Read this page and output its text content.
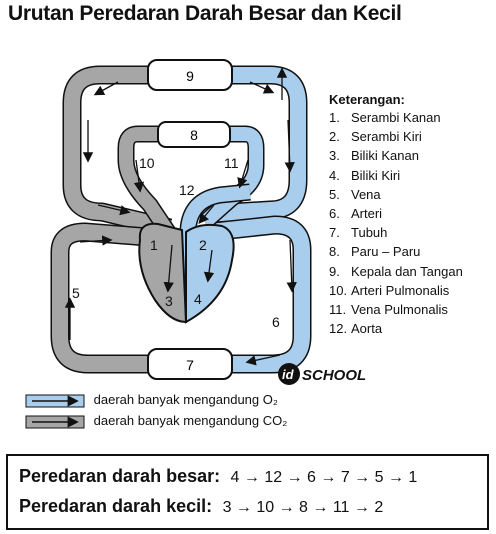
Urutan Peredaran Darah Besar dan Kecil
9
8
7
1	2
3 4
5
6
10	11
12
Keterangan:
1. Serambi Kanan
2. Serambi Kiri
3. Biliki Kanan
4. Biliki Kiri
5. Vena
6. Arteri
7. Tubuh
8. Paru – Paru
9. Kepala dan Tangan
10. Arteri Pulmonalis
11. Vena Pulmonalis
12. Aorta
id SCHOOL
daerah banyak mengandung O₂
daerah banyak mengandung CO₂
Peredaran darah besar: 4 → 12 → 6 → 7 → 5 → 1
Peredaran darah kecil: 3 → 10 → 8 → 11 → 2
